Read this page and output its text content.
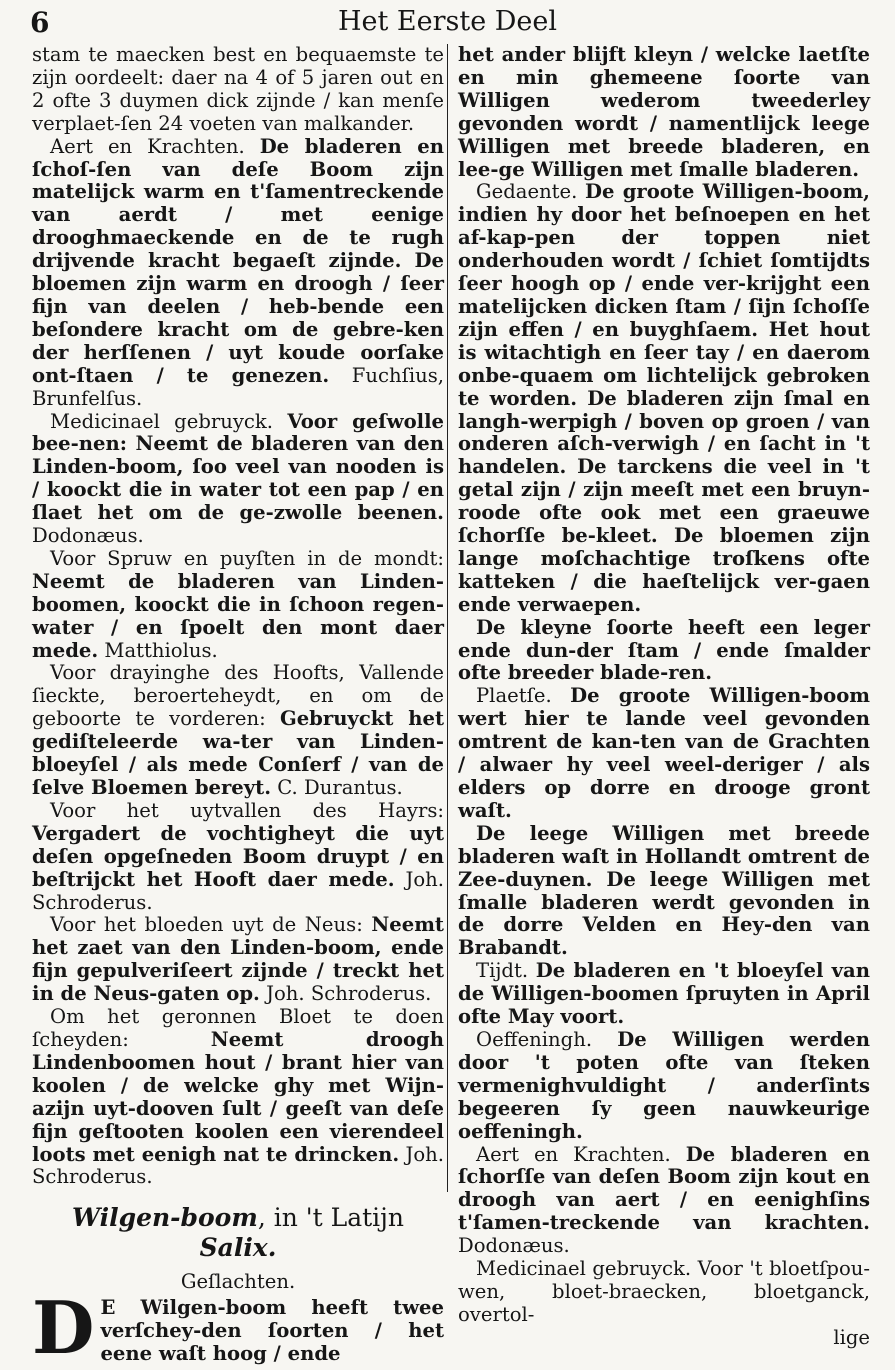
6	Het Eerste Deel

stam te maecken best en bequaemste te zijn oordeelt: daer na 4 of 5 jaren out en 2 ofte 3 duymen dick zijnde / kan menſe verplaet-ſen 24 voeten van malkander.

Aert en Krachten. De bladeren en ſchoſ-ſen van deſe Boom zijn matelijck warm en t'ſamentreckende van aerdt / met eenige drooghmaeckende en de te rugh drijvende kracht begaeſt zijnde. De bloemen zijn warm en droogh / ſeer fijn van deelen / heb-bende een beſondere kracht om de gebre-ken der herſſenen / uyt koude oorſake ont-ſtaen / te genezen. Fuchſius, Brunfelſus.

Medicinael gebruyck. Voor geſwolle bee-nen: Neemt de bladeren van den Linden-boom, ſoo veel van nooden is / koockt die in water tot een pap / en ſlaet het om de ge-zwolle beenen. Dodonæus.

Voor Spruw en puyſten in de mondt: Neemt de bladeren van Linden-boomen, koockt die in ſchoon regen-water / en ſpoelt den mont daer mede. Matthiolus.

Voor drayinghe des Hoofts, Vallende ſieckte, beroerteheydt, en om de geboorte te vorderen: Gebruyckt het gediſteleerde wa-ter van Linden-bloeyſel / als mede Conſerf / van de ſelve Bloemen bereyt. C. Durantus.

Voor het uytvallen des Hayrs: Vergadert de vochtigheyt die uyt deſen opgeſneden Boom druypt / en beſtrijckt het Hooft daer mede. Joh. Schroderus.

Voor het bloeden uyt de Neus: Neemt het zaet van den Linden-boom, ende fijn gepulveriſeert zijnde / treckt het in de Neus-gaten op. Joh. Schroderus.

Om het geronnen Bloet te doen ſcheyden:	Neemt droogh Lindenboomen hout / brant hier van koolen / de welcke ghy met Wijn-azijn uyt-dooven ſult / geeſt van deſe fijn geſtooten koolen een vierendeel loots met eenigh nat te drincken. Joh. Schroderus.

Wilgen-boom, in 't Latijn Salix.
Geſlachten.

D E Wilgen-boom heeft twee verſchey-den ſoorten / het eene waſt hoog / ende

het ander blijft kleyn / welcke laetſte en min ghemeene ſoorte van Willigen wederom tweederley gevonden wordt / namentlijck leege Willigen met breede bladeren, en lee-ge Willigen met ſmalle bladeren.

Gedaente. De groote Willigen-boom, indien hy door het beſnoepen en het af-kap-pen der toppen niet onderhouden wordt / ſchiet ſomtijdts ſeer hoogh op / ende ver-krijght een matelijcken dicken ſtam / ſijn ſchoſſe zijn effen / en buyghſaem. Het hout is witachtigh en ſeer tay / en daerom onbe-quaem om lichtelijck gebroken te worden. De bladeren zijn ſmal en langh-werpigh / boven op groen / van onderen aſch-verwigh / en ſacht in 't handelen. De tarckens die veel in 't getal zijn / zijn meeſt met een bruyn-roode ofte ook met een graeuwe ſchorſſe be-kleet. De bloemen zijn lange moſchachtige troſkens ofte katteken / die haeſtelijck ver-gaen ende verwaepen.

De kleyne ſoorte heeft een leger ende dun-der ſtam / ende ſmalder ofte breeder blade-ren.

Plaetſe. De groote Willigen-boom wert hier te lande veel gevonden omtrent de kan-ten van de Grachten / alwaer hy veel weel-deriger / als elders op dorre en drooge gront waſt.

De leege Willigen met breede bladeren waſt in Hollandt omtrent de Zee-duynen. De leege Willigen met ſmalle bladeren werdt gevonden in de dorre Velden en Hey-den van Brabandt.

Tijdt. De bladeren en 't bloeyſel van de Willigen-boomen ſpruyten in April ofte May voort.

Oeffeningh. De Willigen werden door 't poten ofte van ſteken vermenighvuldight / anderſints begeeren ſy geen nauwkeurige oeffeningh.

Aert en Krachten. De bladeren en ſchorſſe van deſen Boom zijn kout en droogh van aert / en eenighſins t'ſamen-treckende van krachten. Dodonæus.

Medicinael gebruyck. Voor 't bloetſpou-wen, bloet-braecken, bloetganck, overtol-

lige
